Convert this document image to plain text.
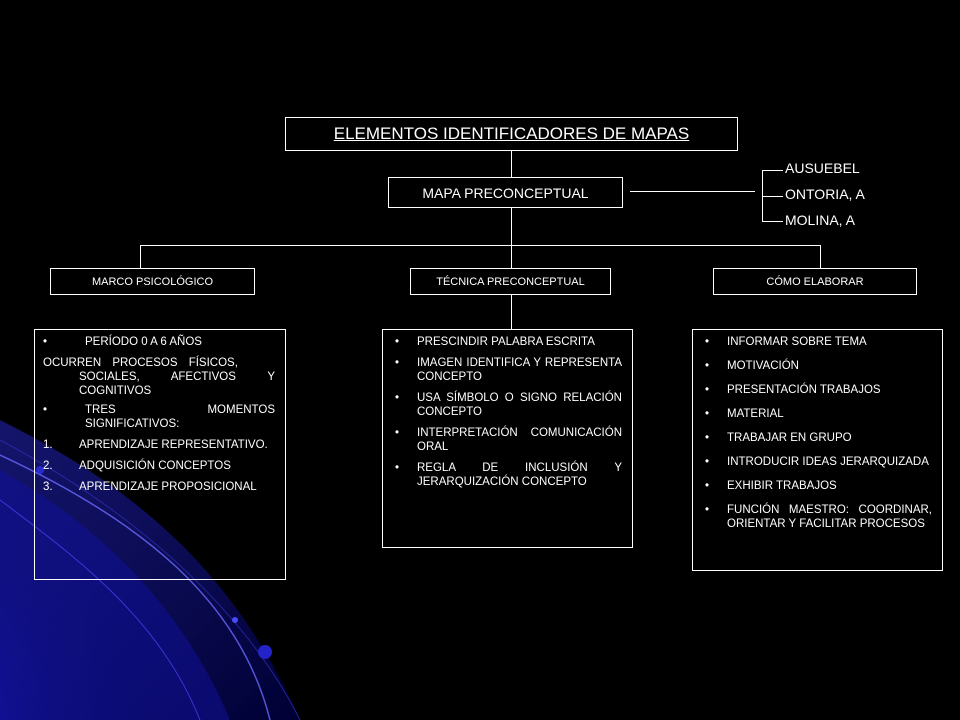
ELEMENTOS IDENTIFICADORES DE MAPAS
MAPA PRECONCEPTUAL
AUSUEBEL
ONTORIA, A
MOLINA, A
MARCO PSICOLÓGICO	TÉCNICA PRECONCEPTUAL	CÓMO ELABORAR
•	PERÍODO 0 A 6 AÑOS
OCURREN PROCESOS FÍSICOS,
SOCIALES, AFECTIVOS Y COGNITIVOS
•	TRES MOMENTOS SIGNIFICATIVOS:
1.	APRENDIZAJE REPRESENTATIVO.
2.	ADQUISICIÓN CONCEPTOS
3.	APRENDIZAJE PROPOSICIONAL
•	PRESCINDIR PALABRA ESCRITA
•	IMAGEN IDENTIFICA Y REPRESENTA CONCEPTO
•	USA SÍMBOLO O SIGNO RELACIÓN CONCEPTO
•	INTERPRETACIÓN COMUNICACIÓN ORAL
•	REGLA DE INCLUSIÓN Y JERARQUIZACIÓN CONCEPTO
•	INFORMAR SOBRE TEMA
•	MOTIVACIÓN
•	PRESENTACIÓN TRABAJOS
•	MATERIAL
•	TRABAJAR EN GRUPO
•	INTRODUCIR IDEAS JERARQUIZADA
•	EXHIBIR TRABAJOS
•	FUNCIÓN MAESTRO: COORDINAR, ORIENTAR Y FACILITAR PROCESOS
